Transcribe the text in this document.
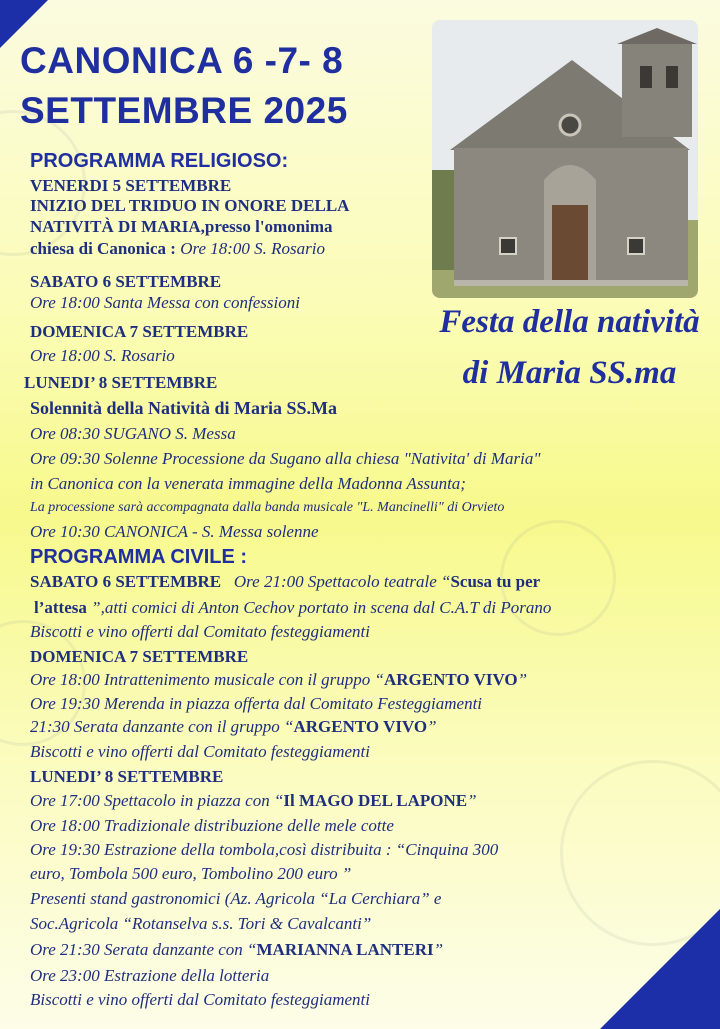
CANONICA 6 -7- 8
SETTEMBRE 2025
Festa della natività
di Maria SS.ma
PROGRAMMA RELIGIOSO:
VENERDI 5 SETTEMBRE
INIZIO DEL TRIDUO IN ONORE DELLA
NATIVITÀ DI MARIA,presso l'omonima
chiesa di Canonica : Ore 18:00 S. Rosario
SABATO 6 SETTEMBRE
Ore 18:00 Santa Messa con confessioni
DOMENICA 7 SETTEMBRE
Ore 18:00 S. Rosario
LUNEDI’ 8 SETTEMBRE
Solennità della Natività di Maria SS.Ma
Ore 08:30 SUGANO S. Messa
Ore 09:30 Solenne Processione da Sugano alla chiesa "Nativita' di Maria"
in Canonica con la venerata immagine della Madonna Assunta;
La processione sarà accompagnata dalla banda musicale "L. Mancinelli" di Orvieto
Ore 10:30 CANONICA - S. Messa solenne
PROGRAMMA CIVILE :
SABATO 6 SETTEMBRE Ore 21:00 Spettacolo teatrale “Scusa tu per
l’attesa ”,atti comici di Anton Cechov portato in scena dal C.A.T di Porano
Biscotti e vino offerti dal Comitato festeggiamenti
DOMENICA 7 SETTEMBRE
Ore 18:00 Intrattenimento musicale con il gruppo “ARGENTO VIVO”
Ore 19:30 Merenda in piazza offerta dal Comitato Festeggiamenti
21:30 Serata danzante con il gruppo “ARGENTO VIVO”
Biscotti e vino offerti dal Comitato festeggiamenti
LUNEDI’ 8 SETTEMBRE
Ore 17:00 Spettacolo in piazza con “Il MAGO DEL LAPONE”
Ore 18:00 Tradizionale distribuzione delle mele cotte
Ore 19:30 Estrazione della tombola,così distribuita : “Cinquina 300
euro, Tombola 500 euro, Tombolino 200 euro ”
Presenti stand gastronomici (Az. Agricola “La Cerchiara” e
Soc.Agricola “Rotanselva s.s. Tori & Cavalcanti”
Ore 21:30 Serata danzante con “MARIANNA LANTERI”
Ore 23:00 Estrazione della lotteria
Biscotti e vino offerti dal Comitato festeggiamenti
